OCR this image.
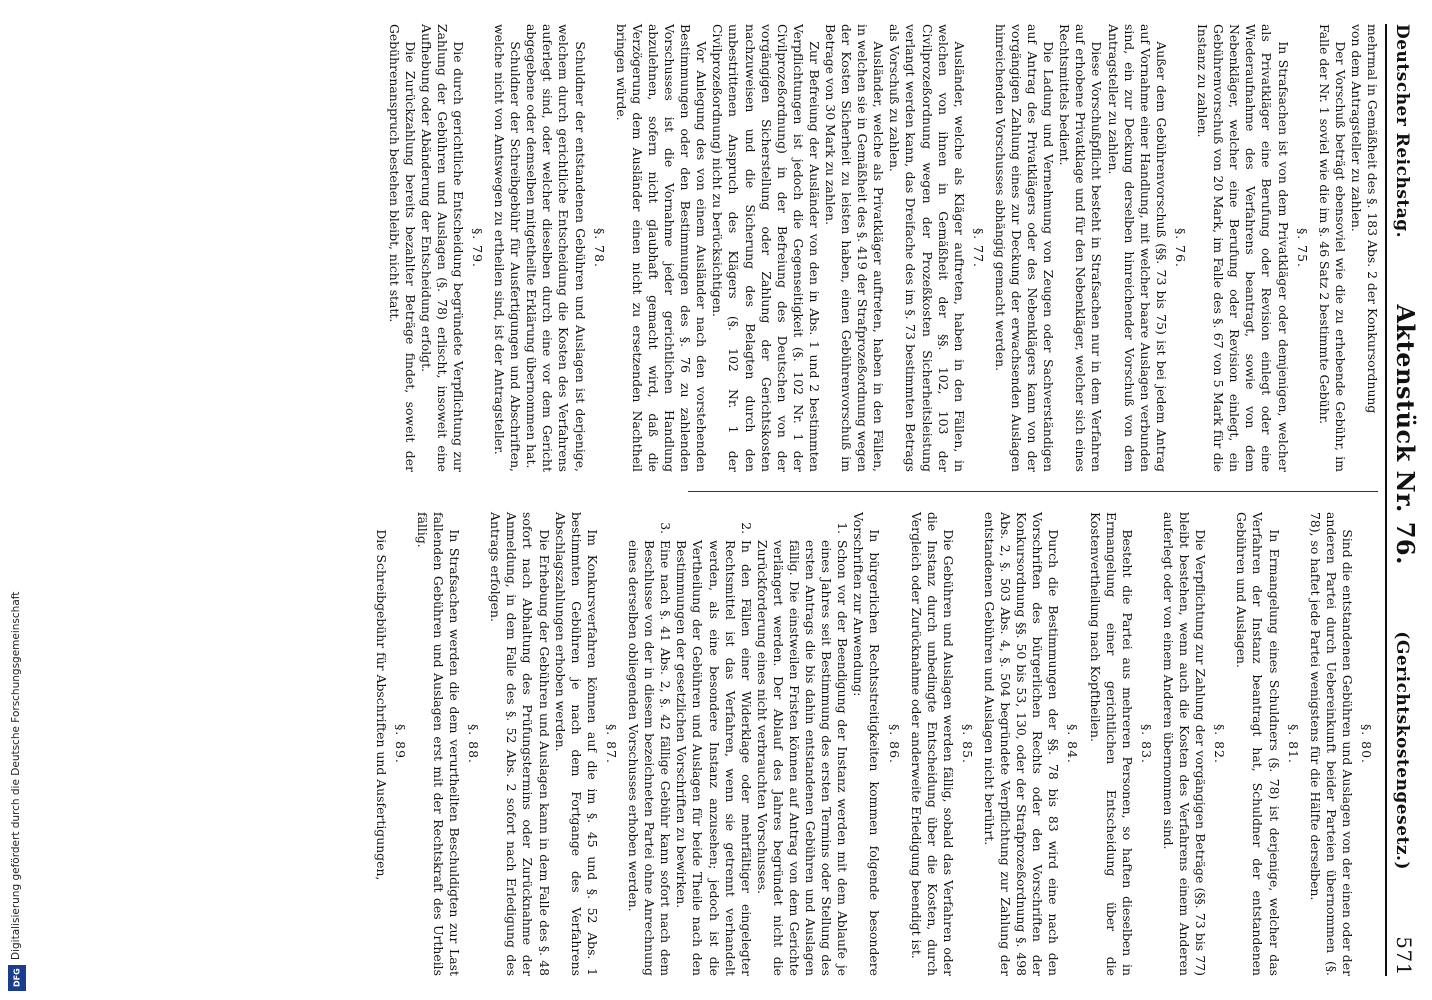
Digitalisierung gefördert durch die Deutsche Forschungsgemeinschaft
DFG
Deutscher Reichstag.
Aktenstück Nr. 76.
(Gerichtskostengesetz.)
571

mehrmal in Gemäßheit des §. 183 Abs. 2 der Konkursordnung

von dem Antragsteller zu zahlen.

Der Vorschuß beträgt ebensoviel wie die zu erhebende Gebühr, im Falle der Nr. 1 soviel wie die im §. 46 Satz 2 bestimmte Gebühr.

§. 75.

In Strafsachen ist von dem Privatkläger oder demjenigen, welcher als Privatkläger eine Berufung oder Revision einlegt oder eine Wiederaufnahme des Verfahrens beantragt, sowie von dem Nebenkläger, welcher eine Berufung oder Revision einlegt, ein Gebührenvorschuß von 20 Mark, im Falle des §. 67 von 5 Mark für die Instanz zu zahlen.

§. 76.

Außer dem Gebührenvorschuß (§§. 73 bis 75) ist bei jedem Antrag auf Vornahme einer Handlung, mit welcher baare Auslagen verbunden sind, ein zur Deckung derselben hinreichender Vorschuß von dem Antragsteller zu zahlen.

Diese Vorschußpflicht besteht in Strafsachen nur in dem Verfahren auf erhobene Privatklage und für den Nebenkläger, welcher sich eines Rechtsmittels bedient.

Die Ladung und Vernehmung von Zeugen oder Sachverständigen auf Antrag des Privatklägers oder des Nebenklägers kann von der vorgängigen Zahlung eines zur Deckung der erwachsenden Auslagen hinreichenden Vorschusses abhängig gemacht werden.

§. 77.

Ausländer, welche als Kläger auftreten, haben in den Fällen, in welchen von ihnen in Gemäßheit der §§. 102, 103 der Civilprozeßordnung wegen der Prozeßkosten Sicherheitsleistung verlangt werden kann, das Dreifache des im §. 73 bestimmten Betrags als Vorschuß zu zahlen.

Ausländer, welche als Privatkläger auftreten, haben in den Fällen, in welchen sie in Gemäßheit des §. 419 der Strafprozeßordnung wegen der Kosten Sicherheit zu leisten haben, einen Gebührenvorschuß im Betrage von 30 Mark zu zahlen.

Zur Befreiung der Ausländer von den in Abs. 1 und 2 bestimmten Verpflichtungen ist jedoch die Gegenseitigkeit (§. 102 Nr. 1 der Civilprozeßordnung) in der Befreiung des Deutschen von der vorgängigen Sicherstellung oder Zahlung der Gerichtskosten nachzuweisen und die Sicherung des Belagten durch den unbestrittenen Anspruch des Klägers (§. 102 Nr. 1 der Civilprozeßordnung) nicht zu berücksichtigen.

Vor Anlegung des von einem Ausländer nach den vorstehenden Bestimmungen oder den Bestimmungen des §. 76 zu zahlenden Vorschusses ist die Vornahme jeder gerichtlichen Handlung abzulehnen, sofern nicht glaubhaft gemacht wird, daß die Verzögerung dem Ausländer einen nicht zu ersetzenden Nachtheil bringen würde.

§. 78.

Schuldner der entstandenen Gebühren und Auslagen ist derjenige, welchem durch gerichtliche Entscheidung die Kosten des Verfahrens auferlegt sind, oder welcher dieselben durch eine vor dem Gericht abgegebene oder demselben mitgetheilte Erklärung übernommen hat.

Schuldner der Schreibgebühr für Ausfertigungen und Abschriften, welche nicht von Amtswegen zu ertheilen sind, ist der Antragsteller.

§. 79.

Die durch gerichtliche Entscheidung begründete Verpflichtung zur Zahlung der Gebühren und Auslagen (§. 78) erlischt, insoweit eine Aufhebung oder Abänderung der Entscheidung erfolgt.

Die Zurückzahlung bereits bezahlter Beträge findet, soweit der Gebührenanspruch bestehen bleibt, nicht statt.

§. 80.

Sind die entstandenen Gebühren und Auslagen von der einen oder der anderen Partei durch Uebereinkunft beider Parteien übernommen (§. 78), so haftet jede Partei wenigstens für die Hälfte derselben.

§. 81.

In Ermangelung eines Schuldners (§. 78) ist derjenige, welcher das Verfahren der Instanz beantragt hat, Schuldner der entstandenen Gebühren und Auslagen.

§. 82.

Die Verpflichtung zur Zahlung der vorgängigen Beträge (§§. 73 bis 77) bleibt bestehen, wenn auch die Kosten des Verfahrens einem Anderen auferlegt oder von einem Anderen übernommen sind.

§. 83.

Besteht die Partei aus mehreren Personen, so haften dieselben in Ermangelung einer gerichtlichen Entscheidung über die Kostenvertheilung nach Kopftheilen.

§. 84.

Durch die Bestimmungen der §§. 78 bis 83 wird eine nach den Vorschriften des bürgerlichen Rechts oder den Vorschriften der Konkursordnung §§. 50 bis 53, 130, oder der Strafprozeßordnung §. 498 Abs. 2, §. 503 Abs. 4, §. 504 begründete Verpflichtung zur Zahlung der entstandenen Gebühren und Auslagen nicht berührt.

§. 85.

Die Gebühren und Auslagen werden fällig, sobald das Verfahren oder die Instanz durch unbedingte Entscheidung über die Kosten, durch Vergleich oder Zurücknahme oder anderweite Erledigung beendigt ist.

§. 86.

In bürgerlichen Rechtsstreitigkeiten kommen folgende besondere Vorschriften zur Anwendung:

1. Schon vor der Beendigung der Instanz werden mit dem Ablaufe je eines Jahres seit Bestimmung des ersten Termins oder Stellung des ersten Antrags die bis dahin entstandenen Gebühren und Auslagen fällig. Die einstweilen Fristen können auf Antrag von dem Gerichte verlängert werden. Der Ablauf des Jahres begründet nicht die Zurückforderung eines nicht verbrauchten Vorschusses.
2. In den Fällen einer Widerklage oder mehrfältiger eingelegter Rechtsmittel ist das Verfahren, wenn sie getrennt verhandelt werden, als eine besondere Instanz anzusehen; jedoch ist die Vertheilung der Gebühren und Auslagen für beide Theile nach den Bestimmungen der gesetzlichen Vorschriften zu bewirken.
3. Eine nach §. 41 Abs. 2, §. 42 fällige Gebühr kann sofort nach dem Beschlusse von der in diesem bezeichneten Partei ohne Anrechnung eines derselben obliegenden Vorschusses erhoben werden.
§. 87.

Im Konkursverfahren können auf die im §. 45 und §. 52 Abs. 1 bestimmten Gebühren je nach dem Fortgange des Verfahrens Abschlagszahlungen erhoben werden.

Die Erhebung der Gebühren und Auslagen kann in dem Falle des §. 48 sofort nach Abhaltung des Prüfungstermins oder Zurücknahme der Anmeldung, in dem Falle des §. 52 Abs. 2 sofort nach Erledigung des Antrags erfolgen.

§. 88.

In Strafsachen werden die dem verurtheilten Beschuldigten zur Last fallenden Gebühren und Auslagen erst mit der Rechtskraft des Urtheils fällig.

§. 89.

Die Schreibgebühr für Abschriften und Ausfertigungen,
